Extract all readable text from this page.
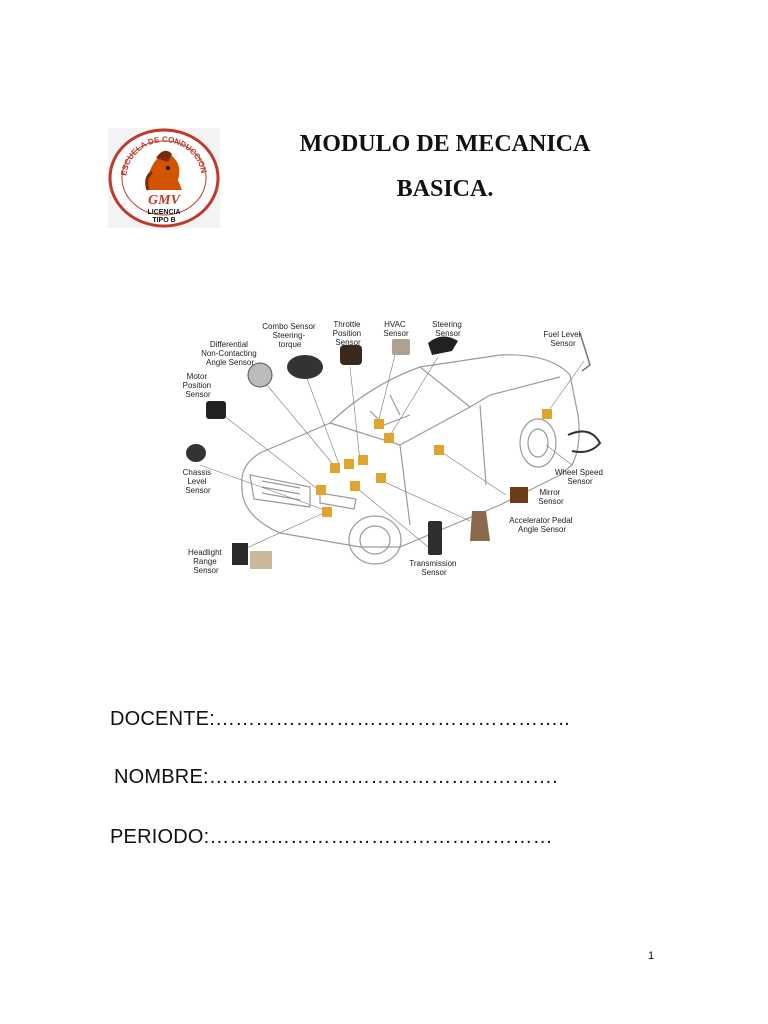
ESCUELA DE CONDUCCION
GMV
LICENCIA
TIPO B
MODULO DE MECANICA
BASICA.
Combo Sensor Steering- torque
Throttle Position Sensor
HVAC Sensor
Steering Sensor	Fuel Level Sensor
Differential Non-Contacting Angle Sensor
Motor Position Sensor
Chassis Level Sensor
Wheel Speed Sensor
Mirror Sensor
Accelerator Pedal Angle Sensor
Headlight Range Sensor
Transmission Sensor
DOCENTE:……………………………………………..
NOMBRE:…………………………………………….
PERIODO:……………………………………………
1
